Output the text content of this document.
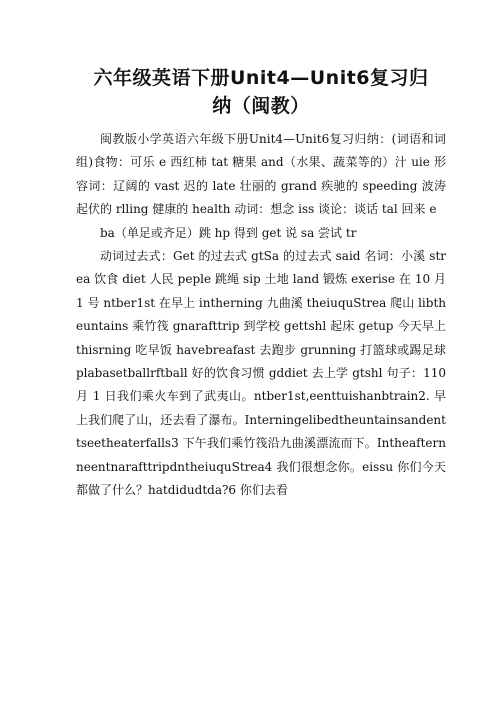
六年级英语下册Unit4—Unit6复习归
纳（闽教）

闽教版小学英语六年级下册Unit4—Unit6复习归纳：(词语和词组)食物：可乐 e 西红柿 tat 糖果 and（水果、蔬菜等的）汁 uie 形容词：辽阔的 vast 迟的 late 壮丽的 grand 疾驰的 speeding 波涛起伏的 rlling 健康的 health 动词：想念 iss 谈论：谈话 tal 回来 e

ba（单足或齐足）跳 hp 得到 get 说 sa 尝试 tr

动词过去式：Get 的过去式 gtSa 的过去式 said 名词：小溪 strea 饮食 diet 人民 peple 跳绳 sip 土地 land 锻炼 exerise 在 10 月 1 号 ntber1st 在早上 intherning 九曲溪 theiuquStrea 爬山 libtheuntains 乘竹筏 gnarafttrip 到学校 gettshl 起床 getup 今天早上 thisrning 吃早饭 havebreafast 去跑步 grunning 打篮球或踢足球 plabasetballrftball 好的饮食习惯 gddiet 去上学 gtshl 句子：110 月 1 日我们乘火车到了武夷山。ntber1st,eenttuishanbtrain2. 早上我们爬了山，还去看了瀑布。Interningelibedtheuntainsandenttseetheaterfalls3 下午我们乘竹筏沿九曲溪漂流而下。IntheafternneentnarafttripdntheiuquStrea4 我们很想念你。eissu 你们今天都做了什么？hatdidudtda?6 你们去看
